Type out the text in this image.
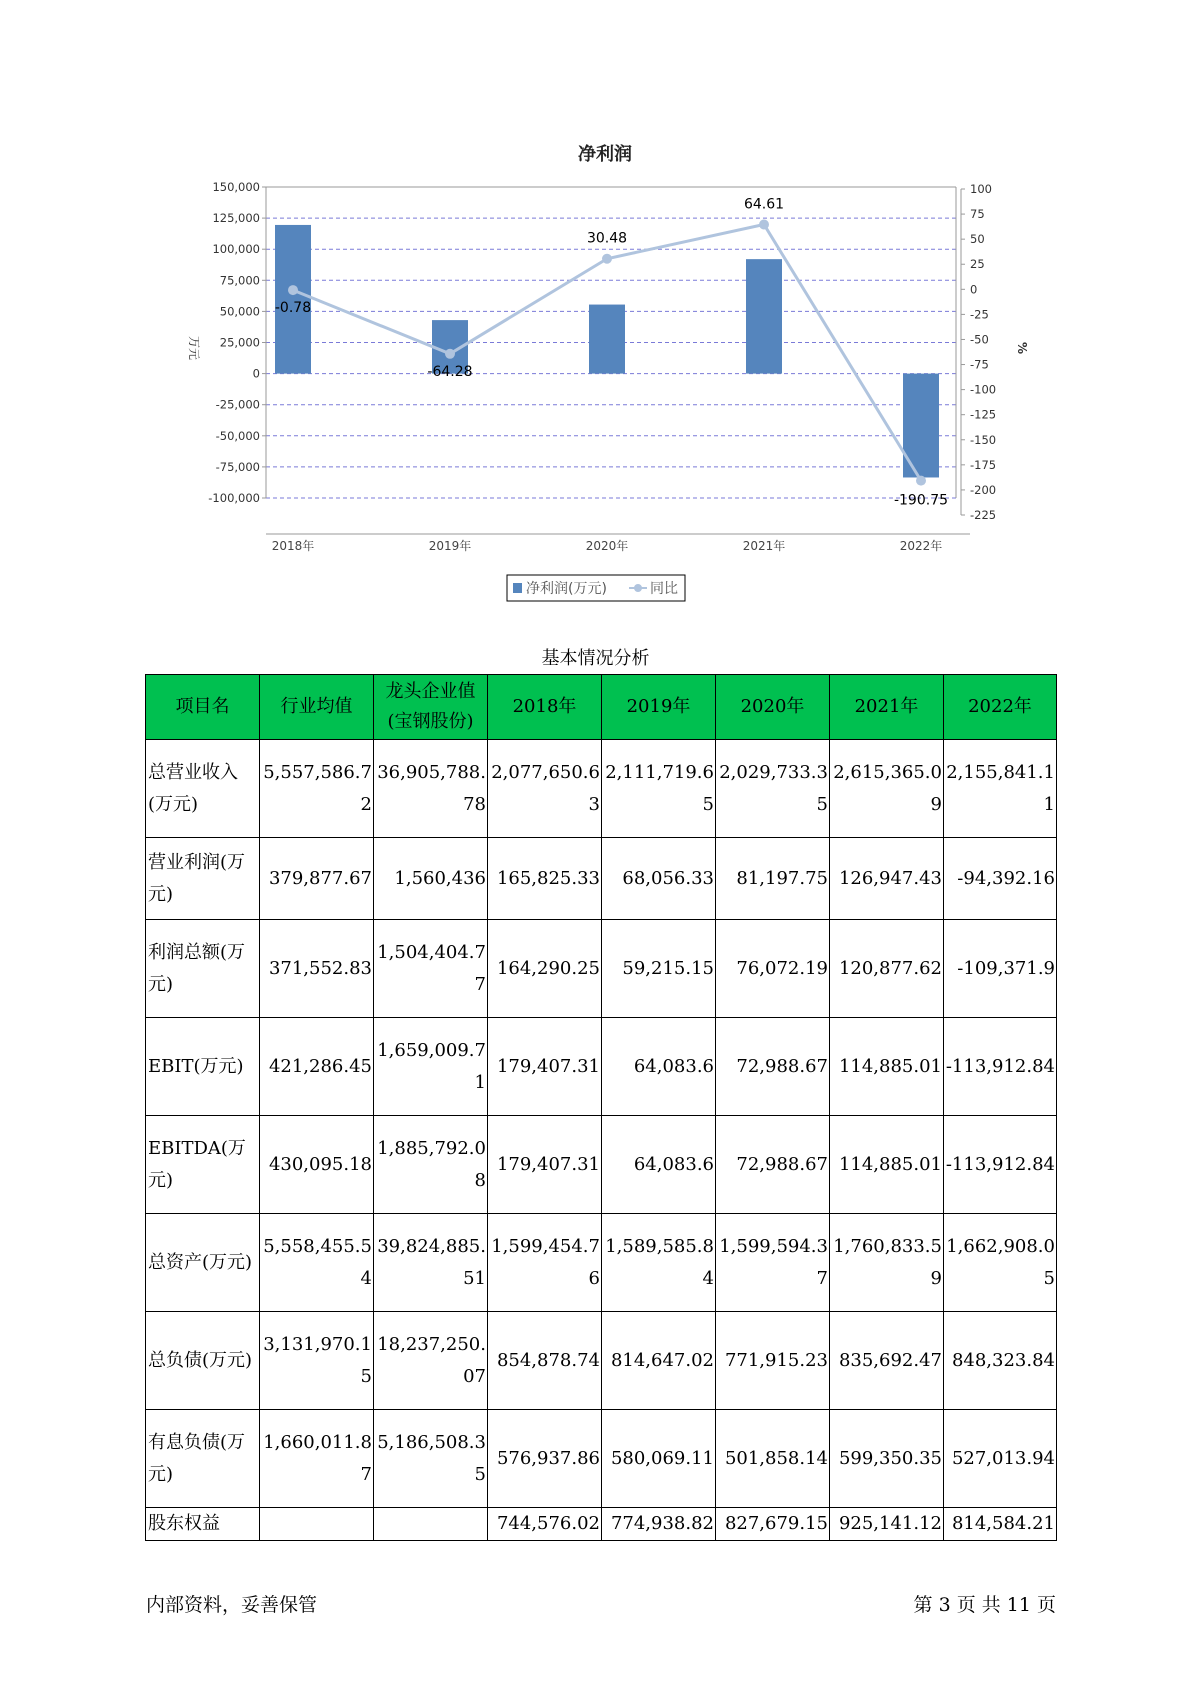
净利润
150,000
125,000
100,000
75,000
50,000
25,000
0
-25,000
-50,000
-75,000
-100,000
100
75
50
25
0
-25
-50
-75
-100
-125
-150
-175
-200
-225
万元	%
2018年	2019年	2020年	2021年	2022年
-0.78
-64.28
30.48
64.61
-190.75
净利润(万元)	同比
基本情况分析
项目名	行业均值	龙头企业值(宝钢股份)	2018年	2019年	2020年	2021年	2022年
总营业收入(万元)	5,557,586.72	36,905,788.78	2,077,650.63	2,111,719.65	2,029,733.35	2,615,365.09	2,155,841.11
营业利润(万元)	379,877.67	1,560,436	165,825.33	68,056.33	81,197.75	126,947.43	-94,392.16
利润总额(万元)	371,552.83	1,504,404.77	164,290.25	59,215.15	76,072.19	120,877.62	-109,371.9
EBIT(万元)	421,286.45	1,659,009.71	179,407.31	64,083.6	72,988.67	114,885.01	-113,912.84
EBITDA(万元)	430,095.18	1,885,792.08	179,407.31	64,083.6	72,988.67	114,885.01	-113,912.84
总资产(万元)	5,558,455.54	39,824,885.51	1,599,454.76	1,589,585.84	1,599,594.37	1,760,833.59	1,662,908.05
总负债(万元)	3,131,970.15	18,237,250.07	854,878.74	814,647.02	771,915.23	835,692.47	848,323.84
有息负债(万元)	1,660,011.87	5,186,508.35	576,937.86	580,069.11	501,858.14	599,350.35	527,013.94
股东权益			744,576.02	774,938.82	827,679.15	925,141.12	814,584.21
内部资料，妥善保管	第 3 页 共 11 页
